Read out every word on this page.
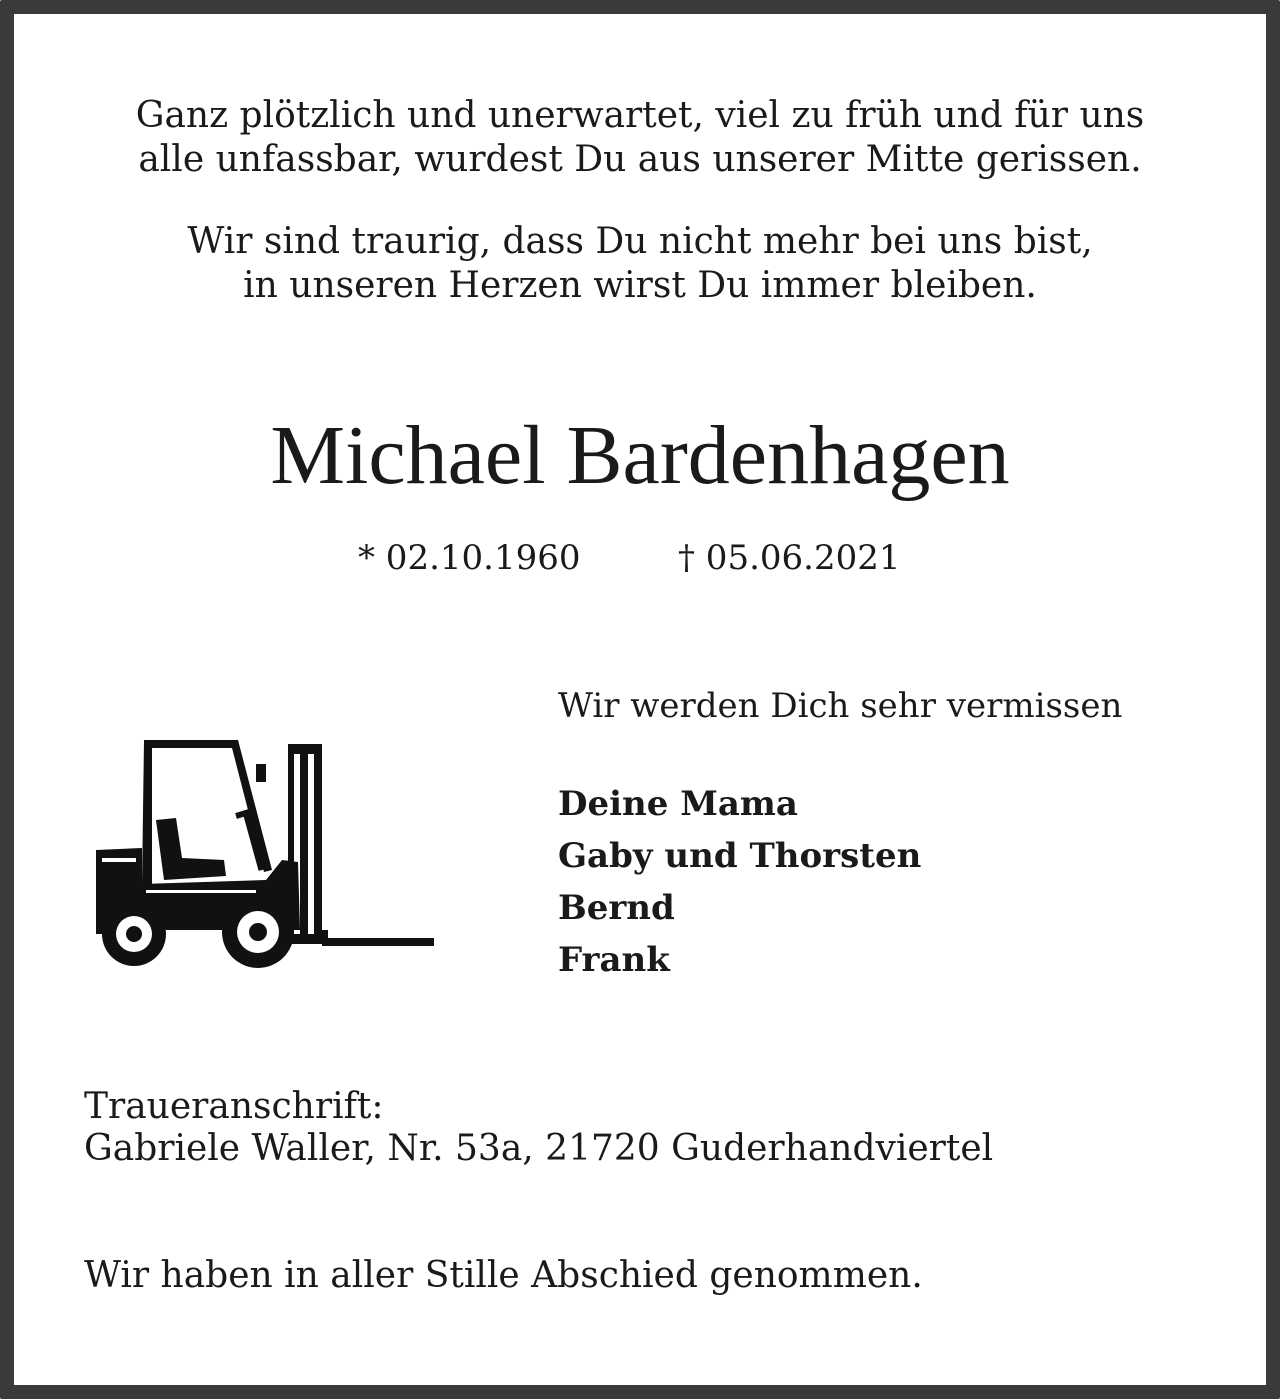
Ganz plötzlich und unerwartet, viel zu früh und für uns
alle unfassbar, wurdest Du aus unserer Mitte gerissen.
Wir sind traurig, dass Du nicht mehr bei uns bist,
in unseren Herzen wirst Du immer bleiben.
Michael Bardenhagen
* 02.10.1960	† 05.06.2021
Wir werden Dich sehr vermissen
Deine Mama
Gaby und Thorsten
Bernd
Frank
Traueranschrift:
Gabriele Waller, Nr. 53a, 21720 Guderhandviertel
Wir haben in aller Stille Abschied genommen.
